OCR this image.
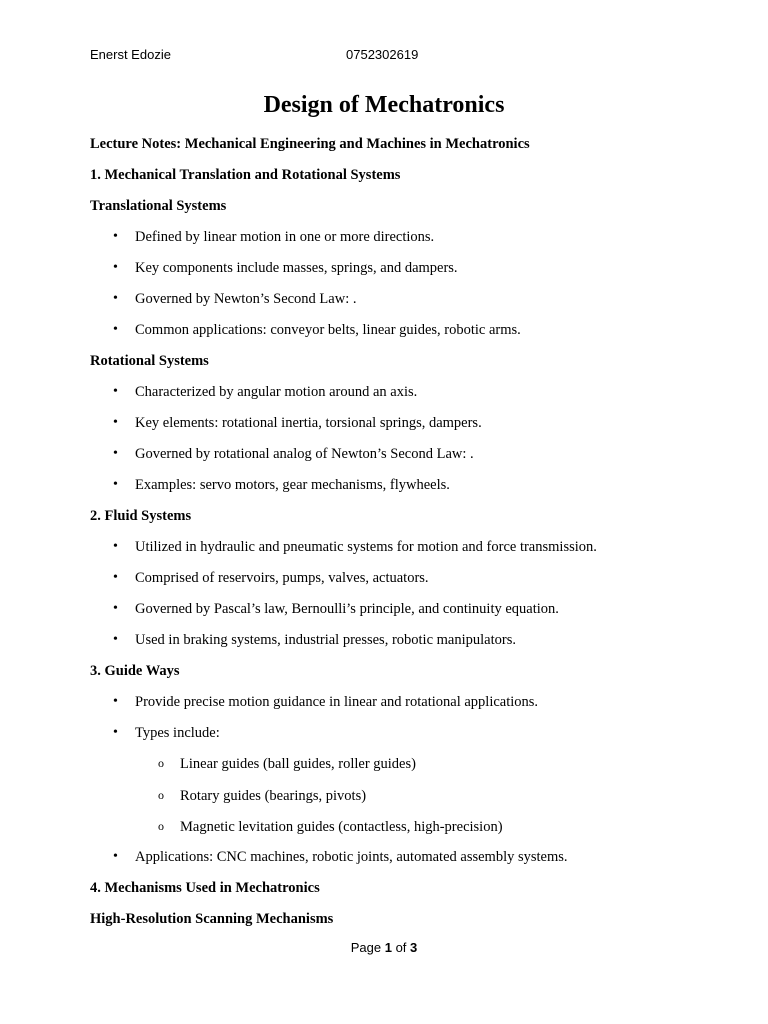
Enerst Edozie	0752302619
Design of Mechatronics
Lecture Notes: Mechanical Engineering and Machines in Mechatronics
1. Mechanical Translation and Rotational Systems
Translational Systems
• Defined by linear motion in one or more directions.
• Key components include masses, springs, and dampers.
• Governed by Newton’s Second Law: .
• Common applications: conveyor belts, linear guides, robotic arms.
Rotational Systems
• Characterized by angular motion around an axis.
• Key elements: rotational inertia, torsional springs, dampers.
• Governed by rotational analog of Newton’s Second Law: .
• Examples: servo motors, gear mechanisms, flywheels.
2. Fluid Systems
• Utilized in hydraulic and pneumatic systems for motion and force transmission.
• Comprised of reservoirs, pumps, valves, actuators.
• Governed by Pascal’s law, Bernoulli’s principle, and continuity equation.
• Used in braking systems, industrial presses, robotic manipulators.
3. Guide Ways
• Provide precise motion guidance in linear and rotational applications.
• Types include:
o Linear guides (ball guides, roller guides)
o Rotary guides (bearings, pivots)
o Magnetic levitation guides (contactless, high-precision)
• Applications: CNC machines, robotic joints, automated assembly systems.
4. Mechanisms Used in Mechatronics
High-Resolution Scanning Mechanisms
Page 1 of 3
